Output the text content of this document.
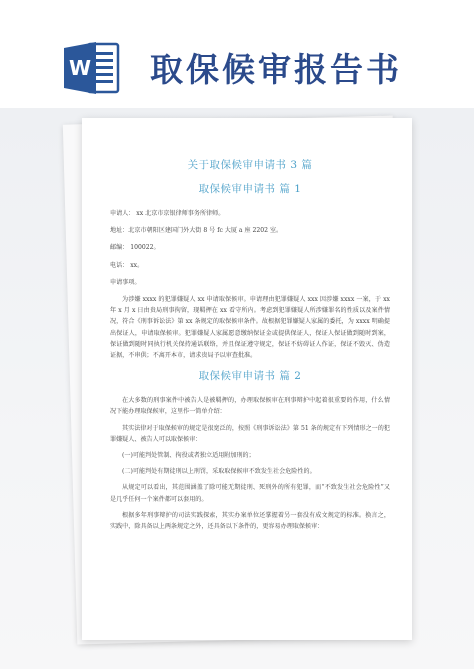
W 取保候审报告书
关于取保候审申请书 3 篇
取保候审申请书 篇 1
申请人： xx 北京市京银律师事务所律师。
地址：北京市朝阳区建国门外大街 8 号 fc 大厦 a 座 2202 室。
邮编： 100022。
电话： xx。
申请事项。
为涉嫌 xxxx 的犯罪嫌疑人 xx 申请取保候审。申请理由犯罪嫌疑人 xxx 因涉嫌 xxxx 一案，于 xx 年 x 月 x 日由贵局刑事拘留，现羁押在 xx 看守所内。考虑到犯罪嫌疑人所涉嫌罪名的性质以及案件情况，符合《刑事诉讼法》第 xx 条规定的取保候审条件。故根据犯罪嫌疑人家属的委托，为 xxxx 明确提出保证人，申请取保候审。犯罪嫌疑人家属愿意缴纳保证金或提供保证人，保证人保证做到随时到案，保证做到随时同执行机关保持通话联络，并且保证遵守规定，保证不妨碍证人作证，保证不毁灭、伪造证据，不串供；不离开本市，请求贵局予以审查批准。
取保候审申请书 篇 2
在大多数的刑事案件中被告人是被羁押的，办理取保候审在刑事辩护中起着很重要的作用，什么情况下能办理取保候审，这里作一简单介绍：
其实法律对于取保候审的规定是很宽泛的，按照《刑事诉讼法》第 51 条的规定有下列情形之一的犯罪嫌疑人、被告人可以取保候审：
(一)可能判处管制、拘役或者独立适用附加刑的；
(二)可能判处有期徒刑以上刑罚，采取取保候审不致发生社会危险性的。
从规定可以看出，其范围涵盖了除可能无期徒刑、死刑外的所有犯罪，而“不致发生社会危险性”又是几乎任何一个案件都可以套用的。
根据多年刑事辩护的司法实践探索，其实办案单位还掌握着另一套没有成文规定的标准。换言之，实践中，除具备以上两条规定之外，还具备以下条件的，更容易办理取保候审：
